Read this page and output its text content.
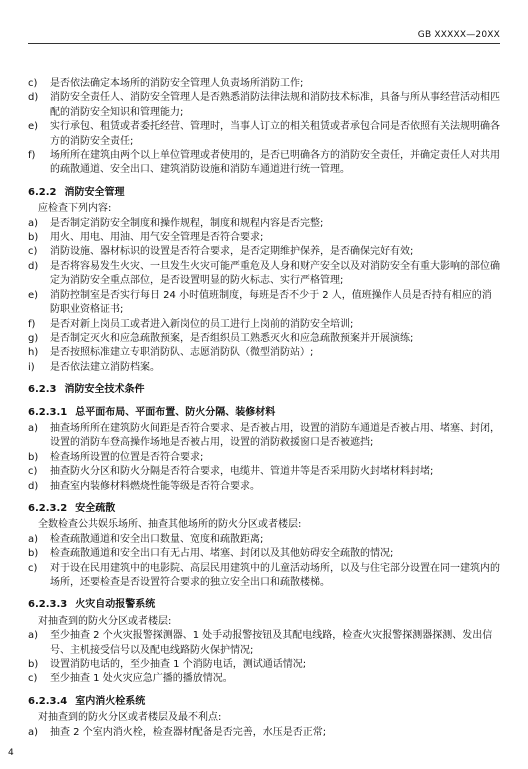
GB XXXXX—20XX
c)	是否依法确定本场所的消防安全管理人负责场所消防工作;
d)	消防安全责任人、消防安全管理人是否熟悉消防法律法规和消防技术标准，具备与所从事经营活动相匹配的消防安全知识和管理能力;
e)	实行承包、租赁或者委托经营、管理时，当事人订立的相关租赁或者承包合同是否依照有关法规明确各方的消防安全责任;
f)	场所所在建筑由两个以上单位管理或者使用的，是否已明确各方的消防安全责任，并确定责任人对共用的疏散通道、安全出口、建筑消防设施和消防车通道进行统一管理。
6.2.2 消防安全管理
应检查下列内容:
a)	是否制定消防安全制度和操作规程，制度和规程内容是否完整;
b)	用火、用电、用油、用气安全管理是否符合要求;
c)	消防设施、器材标识的设置是否符合要求，是否定期维护保养，是否确保完好有效;
d)	是否将容易发生火灾、一旦发生火灾可能严重危及人身和财产安全以及对消防安全有重大影响的部位确定为消防安全重点部位，是否设置明显的防火标志、实行严格管理;
e)	消防控制室是否实行每日 24 小时值班制度，每班是否不少于 2 人，值班操作人员是否持有相应的消防职业资格证书;
f)	是否对新上岗员工或者进入新岗位的员工进行上岗前的消防安全培训;
g)	是否制定灭火和应急疏散预案，是否组织员工熟悉灭火和应急疏散预案并开展演练;
h)	是否按照标准建立专职消防队、志愿消防队（微型消防站）;
i)	是否依法建立消防档案。
6.2.3 消防安全技术条件
6.2.3.1 总平面布局、平面布置、防火分隔、装修材料
a)	抽查场所所在建筑防火间距是否符合要求、是否被占用，设置的消防车通道是否被占用、堵塞、封闭，设置的消防车登高操作场地是否被占用，设置的消防救援窗口是否被遮挡;
b)	检查场所设置的位置是否符合要求;
c)	抽查防火分区和防火分隔是否符合要求，电缆井、管道井等是否采用防火封堵材料封堵;
d)	抽查室内装修材料燃烧性能等级是否符合要求。
6.2.3.2 安全疏散
全数检查公共娱乐场所、抽查其他场所的防火分区或者楼层:
a)	检查疏散通道和安全出口数量、宽度和疏散距离;
b)	检查疏散通道和安全出口有无占用、堵塞、封闭以及其他妨碍安全疏散的情况;
c)	对于设在民用建筑中的电影院、高层民用建筑中的儿童活动场所，以及与住宅部分设置在同一建筑内的场所，还要检查是否设置符合要求的独立安全出口和疏散楼梯。
6.2.3.3 火灾自动报警系统
对抽查到的防火分区或者楼层:
a)	至少抽查 2 个火灾报警探测器、1 处手动报警按钮及其配电线路，检查火灾报警探测器探测、发出信号、主机接受信号以及配电线路防火保护情况;
b)	设置消防电话的，至少抽查 1 个消防电话，测试通话情况;
c)	至少抽查 1 处火灾应急广播的播放情况。
6.2.3.4 室内消火栓系统
对抽查到的防火分区或者楼层及最不利点:
a)	抽查 2 个室内消火栓，检查器材配备是否完善，水压是否正常;
4
